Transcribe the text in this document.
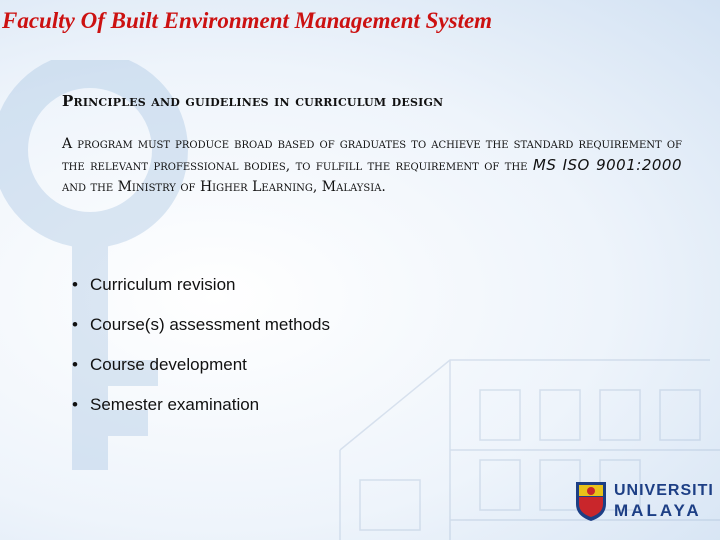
Faculty Of Built Environment Management System
Principles and guidelines in curriculum design

A program must produce broad based of graduates to achieve the standard requirement of the relevant professional bodies, to fulfill the requirement of the MS ISO 9001:2000 and the Ministry of Higher Learning, Malaysia.

• Curriculum revision
• Course(s) assessment methods
• Course development
• Semester examination
UNIVERSITI
MALAYA
